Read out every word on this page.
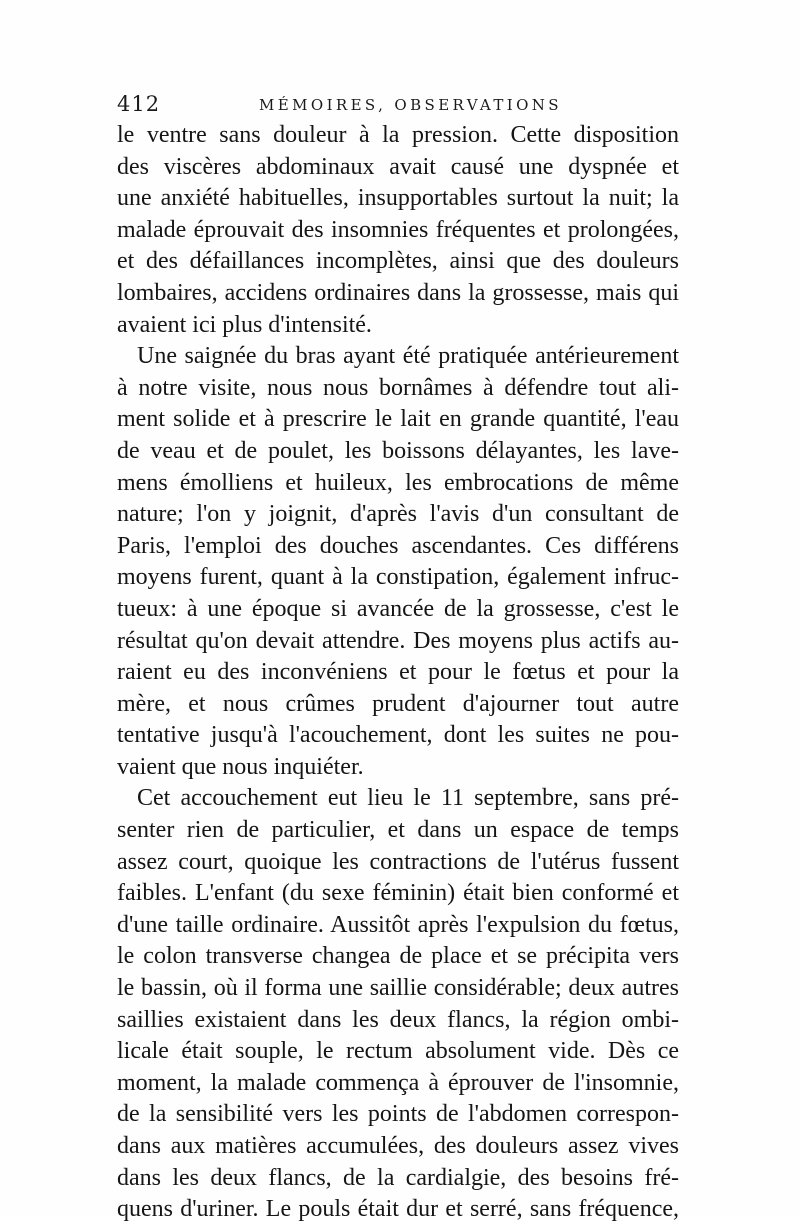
412	MÉMOIRES, OBSERVATIONS
le ventre sans douleur à la pression. Cette disposition
des viscères abdominaux avait causé une dyspnée et
une anxiété habituelles, insupportables surtout la nuit; la
malade éprouvait des insomnies fréquentes et prolongées,
et des défaillances incomplètes, ainsi que des douleurs
lombaires, accidens ordinaires dans la grossesse, mais qui
avaient ici plus d'intensité.
Une saignée du bras ayant été pratiquée antérieurement
à notre visite, nous nous bornâmes à défendre tout ali-
ment solide et à prescrire le lait en grande quantité, l'eau
de veau et de poulet, les boissons délayantes, les lave-
mens émolliens et huileux, les embrocations de même
nature; l'on y joignit, d'après l'avis d'un consultant de
Paris, l'emploi des douches ascendantes. Ces différens
moyens furent, quant à la constipation, également infruc-
tueux: à une époque si avancée de la grossesse, c'est le
résultat qu'on devait attendre. Des moyens plus actifs au-
raient eu des inconvéniens et pour le fœtus et pour la
mère, et nous crûmes prudent d'ajourner tout autre
tentative jusqu'à l'acouchement, dont les suites ne pou-
vaient que nous inquiéter.
Cet accouchement eut lieu le 11 septembre, sans pré-
senter rien de particulier, et dans un espace de temps
assez court, quoique les contractions de l'utérus fussent
faibles. L'enfant (du sexe féminin) était bien conformé et
d'une taille ordinaire. Aussitôt après l'expulsion du fœtus,
le colon transverse changea de place et se précipita vers
le bassin, où il forma une saillie considérable; deux autres
saillies existaient dans les deux flancs, la région ombi-
licale était souple, le rectum absolument vide. Dès ce
moment, la malade commença à éprouver de l'insomnie,
de la sensibilité vers les points de l'abdomen correspon-
dans aux matières accumulées, des douleurs assez vives
dans les deux flancs, de la cardialgie, des besoins fré-
quens d'uriner. Le pouls était dur et serré, sans fréquence,
